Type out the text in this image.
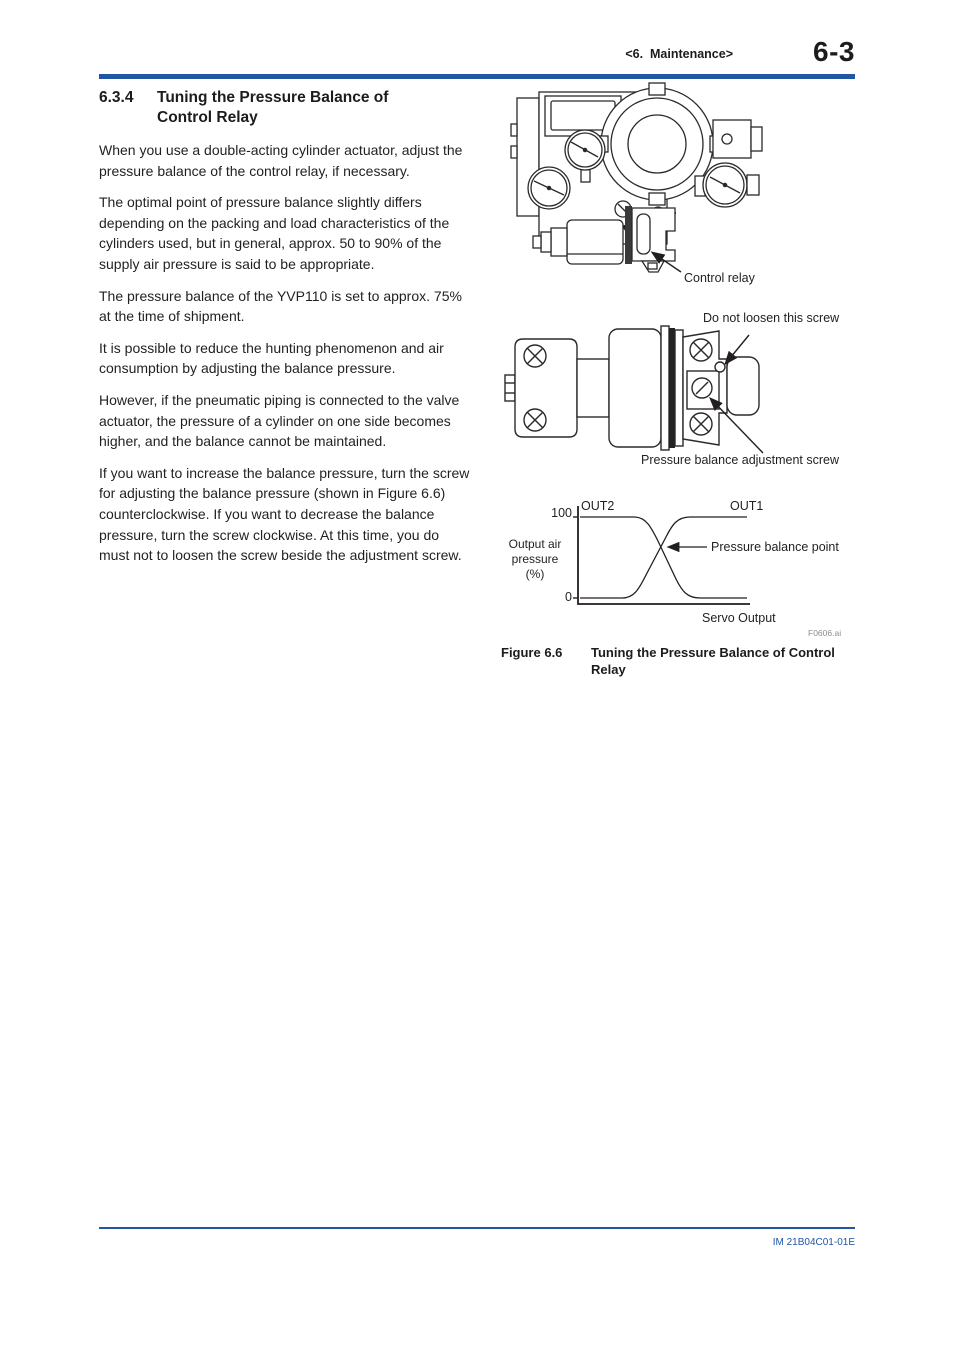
<6.  Maintenance>	6-3
6.3.4	Tuning the Pressure Balance of Control Relay

When you use a double-acting cylinder actuator, adjust the pressure balance of the control relay, if necessary.

The optimal point of pressure balance slightly differs depending on the packing and load characteristics of the cylinders used, but in general, approx. 50 to 90% of the supply air pressure is said to be appropriate.

The pressure balance of the YVP110 is set to approx. 75% at the time of shipment.

It is possible to reduce the hunting phenomenon and air consumption by adjusting the balance pressure.

However, if the pneumatic piping is connected to the valve actuator, the pressure of a cylinder on one side becomes higher, and the balance cannot be maintained.

If you want to increase the balance pressure, turn the screw for adjusting the balance pressure (shown in Figure 6.6) counterclockwise. If you want to decrease the balance pressure, turn the screw clockwise. At this time, you do must not to loosen the screw beside the adjustment screw.

Control relay
Do not loosen this screw
Pressure balance adjustment screw
100
0
OUT2	OUT1
Output air pressure (%)
Pressure balance point
Servo Output
F0606.ai
Figure 6.6	Tuning the Pressure Balance of Control Relay
IM 21B04C01-01E
